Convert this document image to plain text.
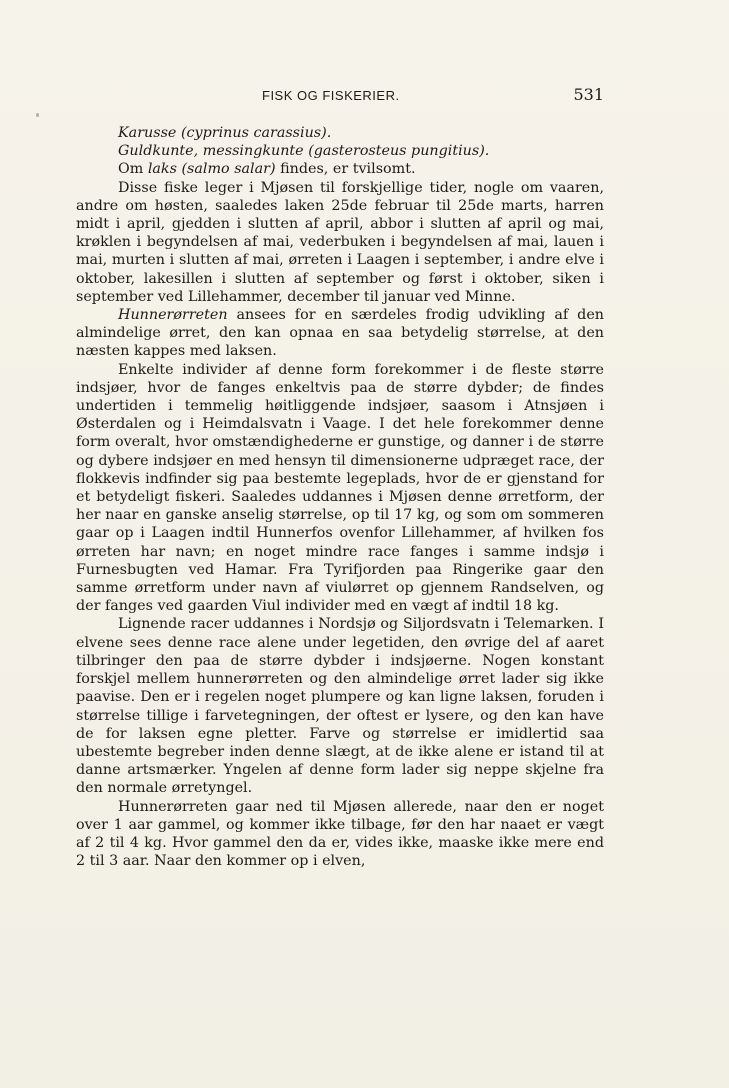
FISK OG FISKERIER.	531

Karusse (cyprinus carassius).

Guldkunte, messingkunte (gasterosteus pungitius).

Om laks (salmo salar) findes, er tvilsomt.

Disse fiske leger i Mjøsen til forskjellige tider, nogle om vaaren, andre om høsten, saaledes laken 25de februar til 25de marts, harren midt i april, gjedden i slutten af april, abbor i slutten af april og mai, krøklen i begyndelsen af mai, vederbuken i begyndelsen af mai, lauen i mai, murten i slutten af mai, ørreten i Laagen i september, i andre elve i oktober, lakesillen i slutten af september og først i oktober, siken i september ved Lillehammer, december til januar ved Minne.

Hunnerørreten ansees for en særdeles frodig udvikling af den almindelige ørret, den kan opnaa en saa betydelig størrelse, at den næsten kappes med laksen.

Enkelte individer af denne form forekommer i de fleste større indsjøer, hvor de fanges enkeltvis paa de større dybder; de findes undertiden i temmelig høitliggende indsjøer, saasom i Atnsjøen i Østerdalen og i Heimdalsvatn i Vaage. I det hele forekommer denne form overalt, hvor omstændighederne er gunstige, og danner i de større og dybere indsjøer en med hensyn til dimensionerne udpræget race, der flokkevis indfinder sig paa bestemte legeplads, hvor de er gjenstand for et betydeligt fiskeri. Saaledes uddannes i Mjøsen denne ørretform, der her naar en ganske anselig størrelse, op til 17 kg, og som om sommeren gaar op i Laagen indtil Hunnerfos ovenfor Lillehammer, af hvilken fos ørreten har navn; en noget mindre race fanges i samme indsjø i Furnesbugten ved Hamar. Fra Tyrifjorden paa Ringerike gaar den samme ørretform under navn af viulørret op gjennem Randselven, og der fanges ved gaarden Viul individer med en vægt af indtil 18 kg.

Lignende racer uddannes i Nordsjø og Siljordsvatn i Telemarken. I elvene sees denne race alene under legetiden, den øvrige del af aaret tilbringer den paa de større dybder i indsjøerne. Nogen konstant forskjel mellem hunnerørreten og den almindelige ørret lader sig ikke paavise. Den er i regelen noget plumpere og kan ligne laksen, foruden i størrelse tillige i farvetegningen, der oftest er lysere, og den kan have de for laksen egne pletter. Farve og størrelse er imidlertid saa ubestemte begreber inden denne slægt, at de ikke alene er istand til at danne artsmærker. Yngelen af denne form lader sig neppe skjelne fra den normale ørretyngel.

Hunnerørreten gaar ned til Mjøsen allerede, naar den er noget over 1 aar gammel, og kommer ikke tilbage, før den har naaet er vægt af 2 til 4 kg. Hvor gammel den da er, vides ikke, maaske ikke mere end 2 til 3 aar. Naar den kommer op i elven,
